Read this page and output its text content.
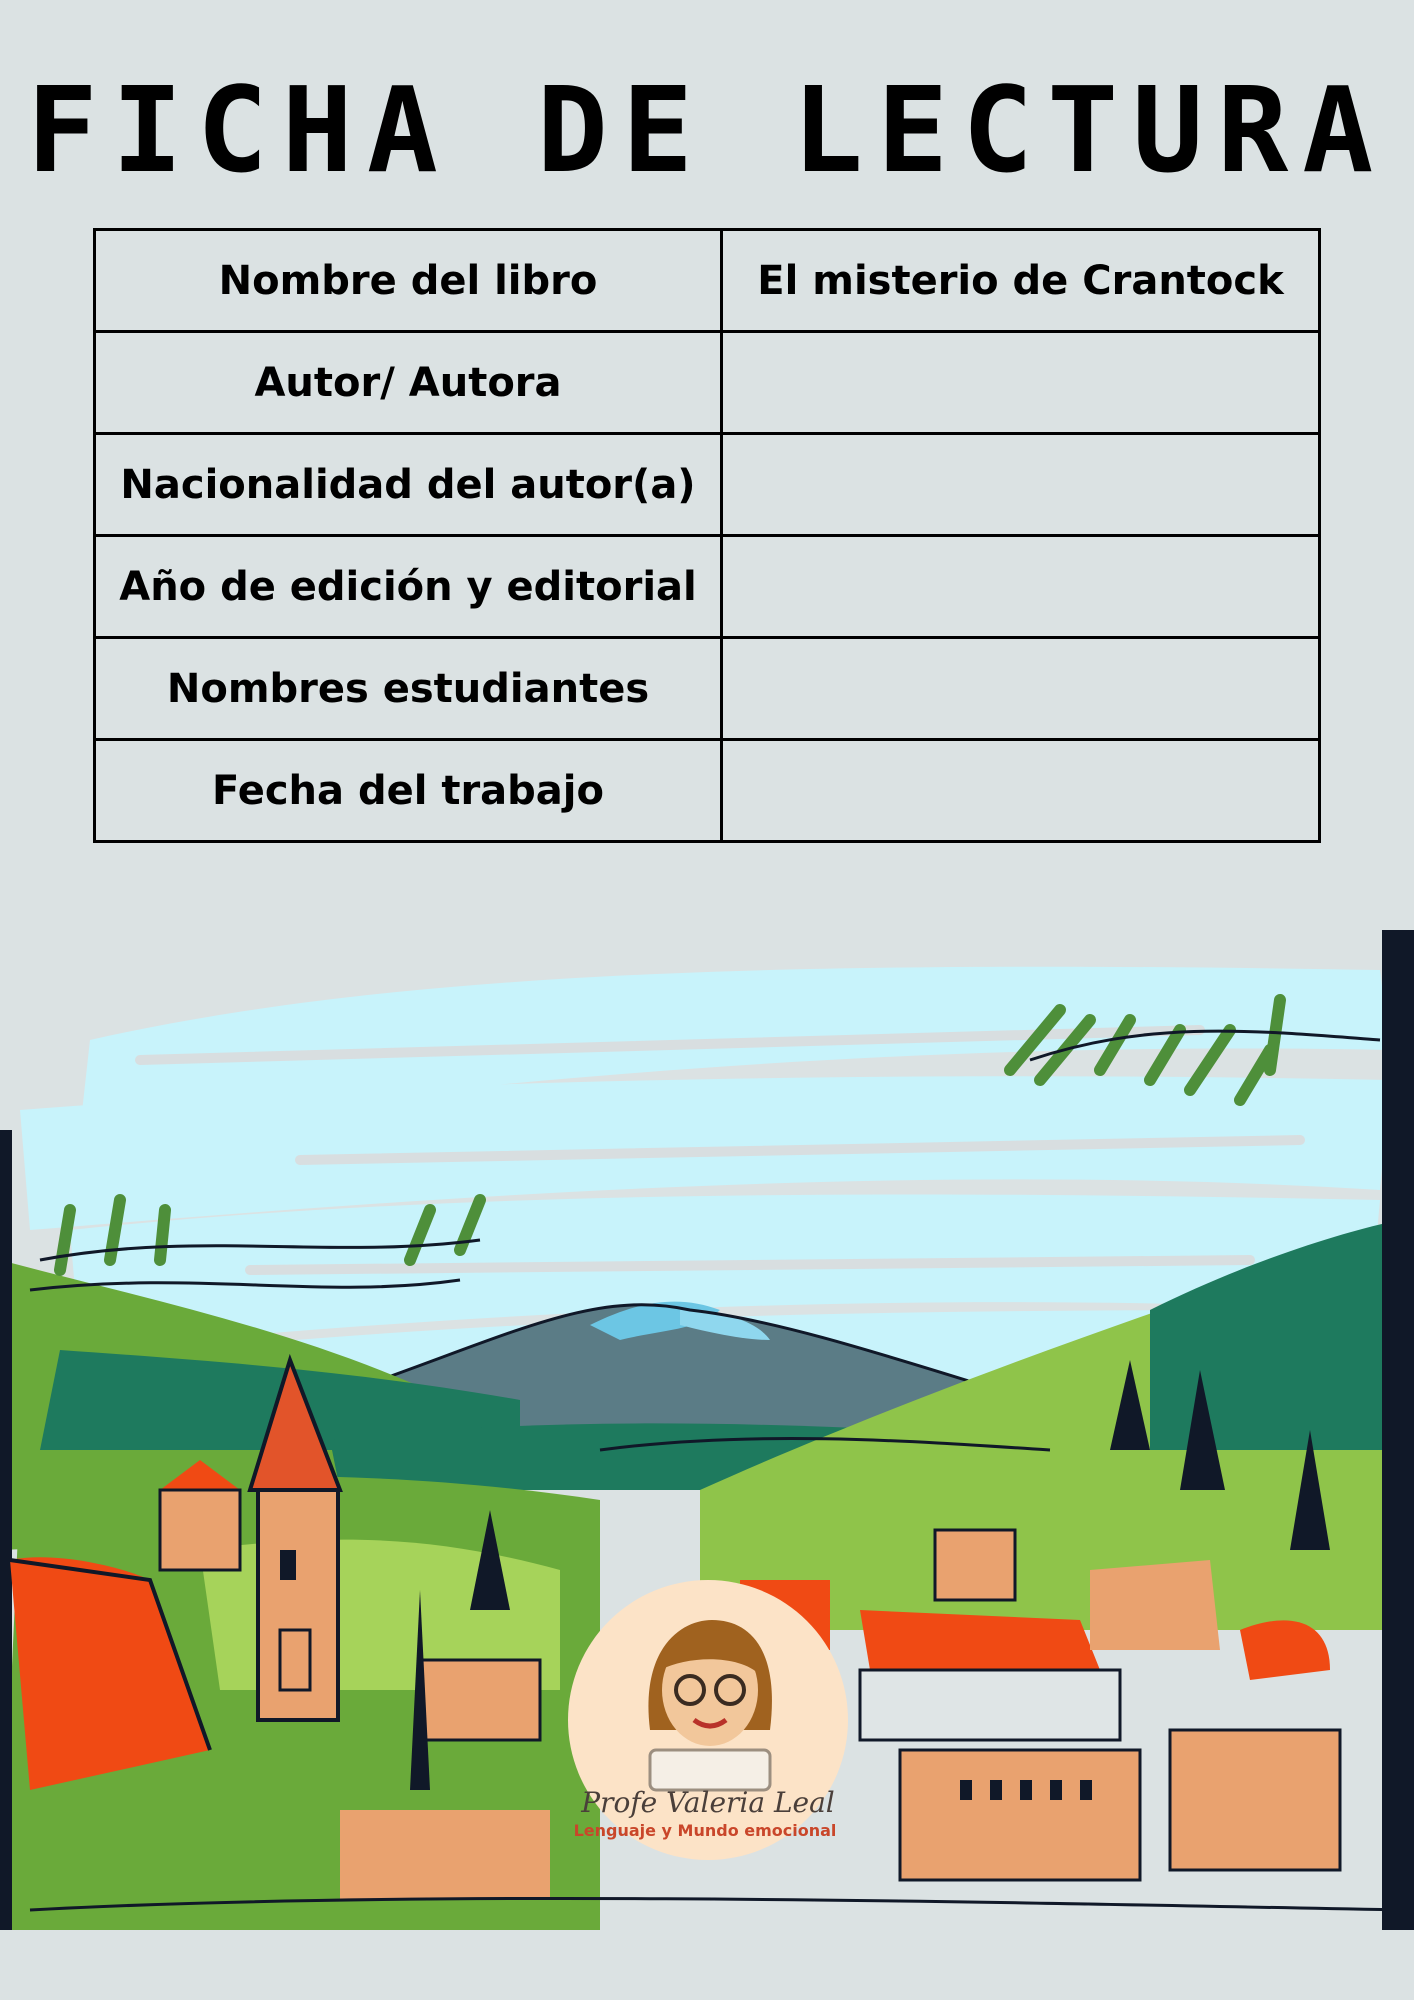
FICHA DE LECTURA
Nombre del libro	El misterio de Crantock
Autor/ Autora	
Nacionalidad del autor(a)	
Año de edición y editorial	
Nombres estudiantes	
Fecha del trabajo	
Profe Valeria Leal
Lenguaje y Mundo emocional
